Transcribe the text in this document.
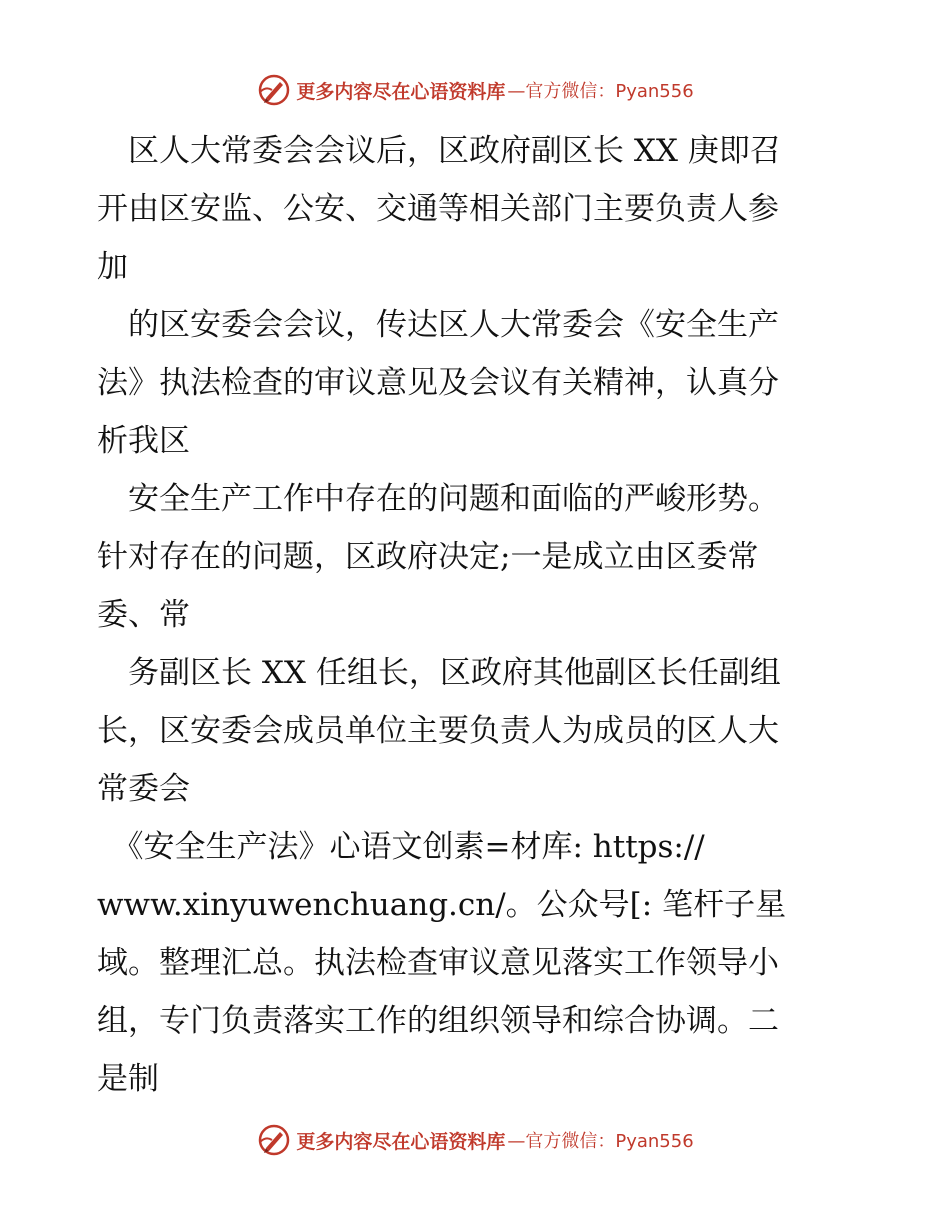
更多内容尽在心语资料库 —官方微信：Pyan556

　区人大常委会会议后，区政府副区长 XX 庚即召
开由区安监、公安、交通等相关部门主要负责人参
加

　的区安委会会议，传达区人大常委会《安全生产
法》执法检查的审议意见及会议有关精神，认真分
析我区

　安全生产工作中存在的问题和面临的严峻形势。
针对存在的问题，区政府决定;一是成立由区委常
委、常

　务副区长 XX 任组长，区政府其他副区长任副组
长，区安委会成员单位主要负责人为成员的区人大
常委会

　《安全生产法》心语文创素=材库: https://
www.xinyuwenchuang.cn/。公众号[: 笔杆子星
域。整理汇总。执法检查审议意见落实工作领导小
组，专门负责落实工作的组织领导和综合协调。二
是制

更多内容尽在心语资料库 —官方微信：Pyan556
